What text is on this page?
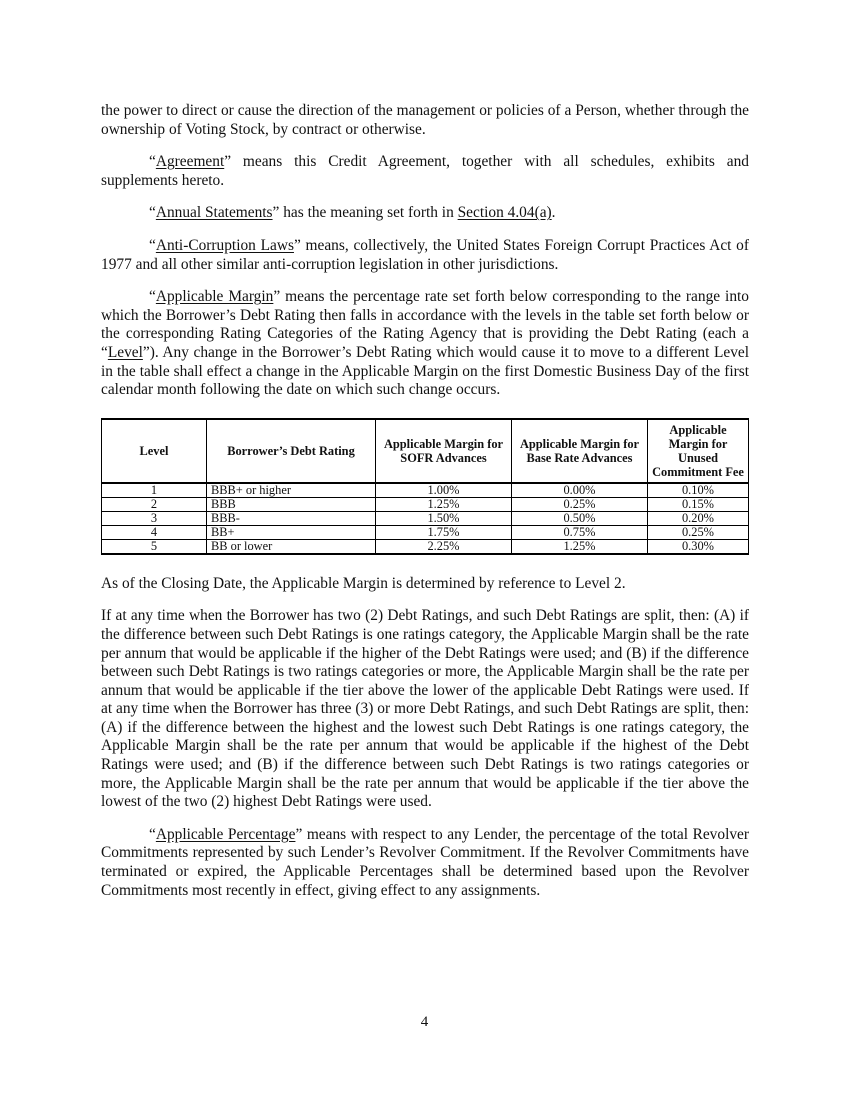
the power to direct or cause the direction of the management or policies of a Person, whether through the ownership of Voting Stock, by contract or otherwise.

“Agreement” means this Credit Agreement, together with all schedules, exhibits and supplements hereto.

“Annual Statements” has the meaning set forth in Section 4.04(a).

“Anti-Corruption Laws” means, collectively, the United States Foreign Corrupt Practices Act of 1977 and all other similar anti-corruption legislation in other jurisdictions.

“Applicable Margin” means the percentage rate set forth below corresponding to the range into which the Borrower’s Debt Rating then falls in accordance with the levels in the table set forth below or the corresponding Rating Categories of the Rating Agency that is providing the Debt Rating (each a “Level”). Any change in the Borrower’s Debt Rating which would cause it to move to a different Level in the table shall effect a change in the Applicable Margin on the first Domestic Business Day of the first calendar month following the date on which such change occurs.

Level	Borrower’s Debt Rating	Applicable Margin for SOFR Advances	Applicable Margin for Base Rate Advances	Applicable Margin for Unused Commitment Fee
1	BBB+ or higher	1.00%	0.00%	0.10%
2	BBB	1.25%	0.25%	0.15%
3	BBB-	1.50%	0.50%	0.20%
4	BB+	1.75%	0.75%	0.25%
5	BB or lower	2.25%	1.25%	0.30%

As of the Closing Date, the Applicable Margin is determined by reference to Level 2.

If at any time when the Borrower has two (2) Debt Ratings, and such Debt Ratings are split, then: (A) if the difference between such Debt Ratings is one ratings category, the Applicable Margin shall be the rate per annum that would be applicable if the higher of the Debt Ratings were used; and (B) if the difference between such Debt Ratings is two ratings categories or more, the Applicable Margin shall be the rate per annum that would be applicable if the tier above the lower of the applicable Debt Ratings were used. If at any time when the Borrower has three (3) or more Debt Ratings, and such Debt Ratings are split, then: (A) if the difference between the highest and the lowest such Debt Ratings is one ratings category, the Applicable Margin shall be the rate per annum that would be applicable if the highest of the Debt Ratings were used; and (B) if the difference between such Debt Ratings is two ratings categories or more, the Applicable Margin shall be the rate per annum that would be applicable if the tier above the lowest of the two (2) highest Debt Ratings were used.

“Applicable Percentage” means with respect to any Lender, the percentage of the total Revolver Commitments represented by such Lender’s Revolver Commitment. If the Revolver Commitments have terminated or expired, the Applicable Percentages shall be determined based upon the Revolver Commitments most recently in effect, giving effect to any assignments.

4
